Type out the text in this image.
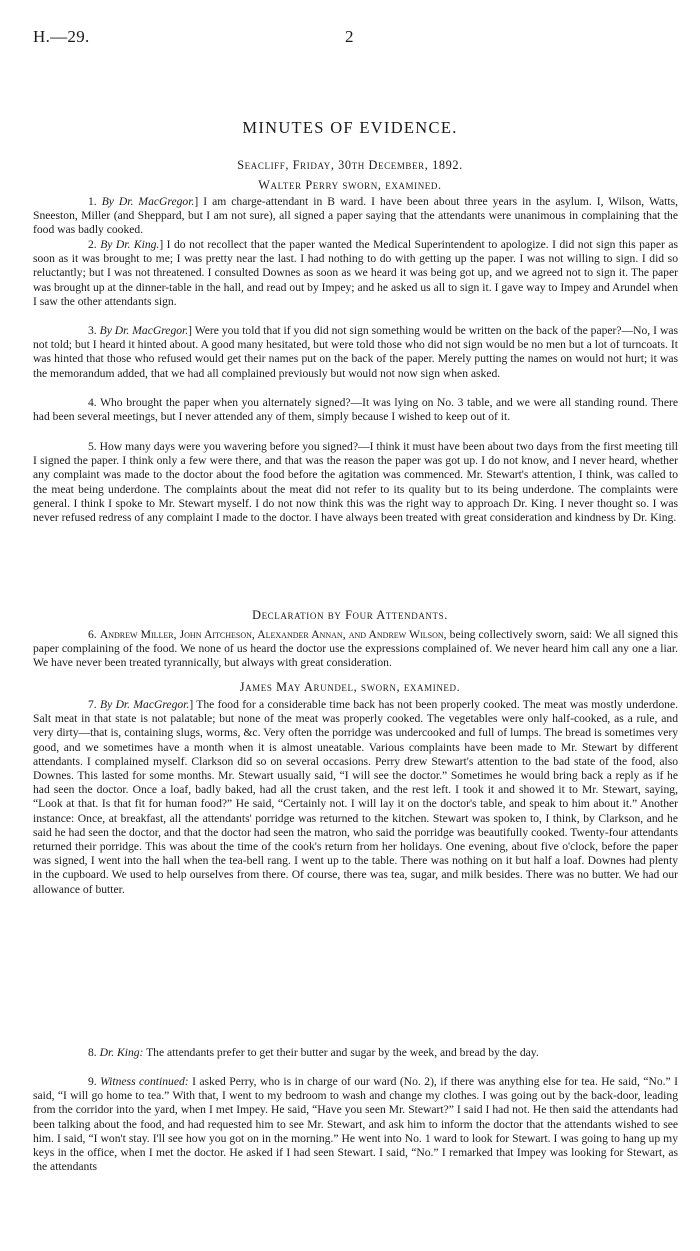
H.—29.	2
MINUTES OF EVIDENCE.
Seacliff, Friday, 30th December, 1892.
Walter Perry sworn, examined.
1. By Dr. MacGregor.] I am charge-attendant in B ward. I have been about three years in the asylum. I, Wilson, Watts, Sneeston, Miller (and Sheppard, but I am not sure), all signed a paper saying that the attendants were unanimous in complaining that the food was badly cooked.
2. By Dr. King.] I do not recollect that the paper wanted the Medical Superintendent to apologize. I did not sign this paper as soon as it was brought to me; I was pretty near the last. I had nothing to do with getting up the paper. I was not willing to sign. I did so reluctantly; but I was not threatened. I consulted Downes as soon as we heard it was being got up, and we agreed not to sign it. The paper was brought up at the dinner-table in the hall, and read out by Impey; and he asked us all to sign it. I gave way to Impey and Arundel when I saw the other attendants sign.
3. By Dr. MacGregor.] Were you told that if you did not sign something would be written on the back of the paper?—No, I was not told; but I heard it hinted about. A good many hesitated, but were told those who did not sign would be no men but a lot of turncoats. It was hinted that those who refused would get their names put on the back of the paper. Merely putting the names on would not hurt; it was the memorandum added, that we had all complained previously but would not now sign when asked.
4. Who brought the paper when you alternately signed?—It was lying on No. 3 table, and we were all standing round. There had been several meetings, but I never attended any of them, simply because I wished to keep out of it.
5. How many days were you wavering before you signed?—I think it must have been about two days from the first meeting till I signed the paper. I think only a few were there, and that was the reason the paper was got up. I do not know, and I never heard, whether any complaint was made to the doctor about the food before the agitation was commenced. Mr. Stewart's attention, I think, was called to the meat being underdone. The complaints about the meat did not refer to its quality but to its being underdone. The complaints were general. I think I spoke to Mr. Stewart myself. I do not now think this was the right way to approach Dr. King. I never thought so. I was never refused redress of any complaint I made to the doctor. I have always been treated with great consideration and kindness by Dr. King.
Declaration by Four Attendants.
6. Andrew Miller, John Aitcheson, Alexander Annan, and Andrew Wilson, being collectively sworn, said: We all signed this paper complaining of the food. We none of us heard the doctor use the expressions complained of. We never heard him call any one a liar. We have never been treated tyrannically, but always with great consideration.
James May Arundel, sworn, examined.
7. By Dr. MacGregor.] The food for a considerable time back has not been properly cooked. The meat was mostly underdone. Salt meat in that state is not palatable; but none of the meat was properly cooked. The vegetables were only half-cooked, as a rule, and very dirty—that is, containing slugs, worms, &c. Very often the porridge was undercooked and full of lumps. The bread is sometimes very good, and we sometimes have a month when it is almost uneatable. Various complaints have been made to Mr. Stewart by different attendants. I complained myself. Clarkson did so on several occasions. Perry drew Stewart's attention to the bad state of the food, also Downes. This lasted for some months. Mr. Stewart usually said, “I will see the doctor.” Sometimes he would bring back a reply as if he had seen the doctor. Once a loaf, badly baked, had all the crust taken, and the rest left. I took it and showed it to Mr. Stewart, saying, “Look at that. Is that fit for human food?” He said, “Certainly not. I will lay it on the doctor's table, and speak to him about it.” Another instance: Once, at breakfast, all the attendants' porridge was returned to the kitchen. Stewart was spoken to, I think, by Clarkson, and he said he had seen the doctor, and that the doctor had seen the matron, who said the porridge was beautifully cooked. Twenty-four attendants returned their porridge. This was about the time of the cook's return from her holidays. One evening, about five o'clock, before the paper was signed, I went into the hall when the tea-bell rang. I went up to the table. There was nothing on it but half a loaf. Downes had plenty in the cupboard. We used to help ourselves from there. Of course, there was tea, sugar, and milk besides. There was no butter. We had our allowance of butter.
8. Dr. King: The attendants prefer to get their butter and sugar by the week, and bread by the day.
9. Witness continued: I asked Perry, who is in charge of our ward (No. 2), if there was anything else for tea. He said, “No.” I said, “I will go home to tea.” With that, I went to my bedroom to wash and change my clothes. I was going out by the back-door, leading from the corridor into the yard, when I met Impey. He said, “Have you seen Mr. Stewart?” I said I had not. He then said the attendants had been talking about the food, and had requested him to see Mr. Stewart, and ask him to inform the doctor that the attendants wished to see him. I said, “I won't stay. I'll see how you got on in the morning.” He went into No. 1 ward to look for Stewart. I was going to hang up my keys in the office, when I met the doctor. He asked if I had seen Stewart. I said, “No.” I remarked that Impey was looking for Stewart, as the attendants
